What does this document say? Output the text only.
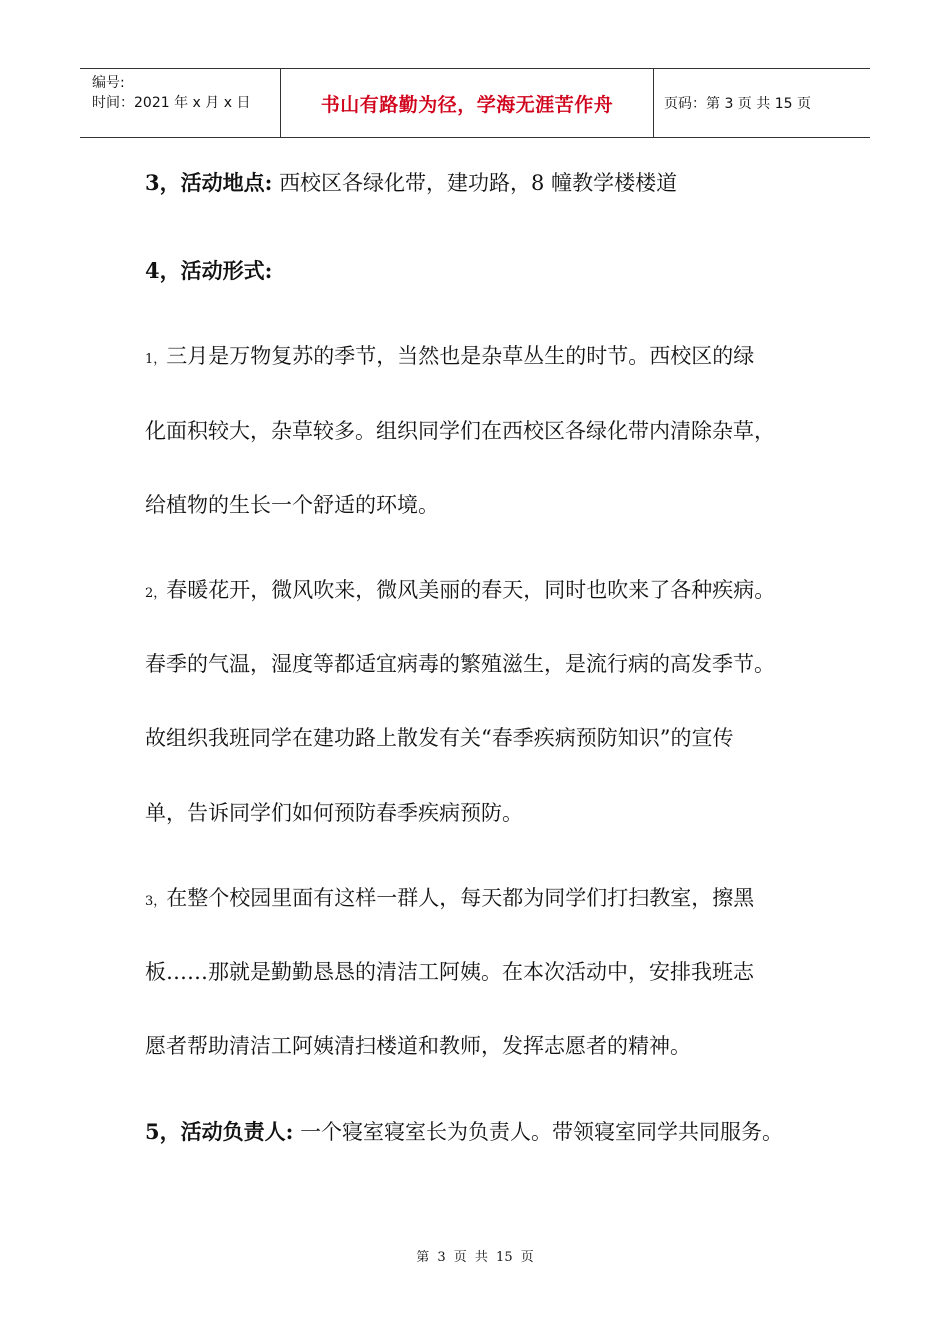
编号:
时间：2021 年 x 月 x 日	书山有路勤为径，学海无涯苦作舟	页码：第 3 页 共 15 页
3，活动地点: 西校区各绿化带，建功路，8 幢教学楼楼道
4，活动形式:
1，三月是万物复苏的季节，当然也是杂草丛生的时节。西校区的绿
化面积较大，杂草较多。组织同学们在西校区各绿化带内清除杂草，
给植物的生长一个舒适的环境。
2，春暖花开，微风吹来，微风美丽的春天，同时也吹来了各种疾病。
春季的气温，湿度等都适宜病毒的繁殖滋生，是流行病的高发季节。
故组织我班同学在建功路上散发有关“春季疾病预防知识”的宣传
单，告诉同学们如何预防春季疾病预防。
3，在整个校园里面有这样一群人，每天都为同学们打扫教室，擦黑
板……那就是勤勤恳恳的清洁工阿姨。在本次活动中，安排我班志
愿者帮助清洁工阿姨清扫楼道和教师，发挥志愿者的精神。
5，活动负责人: 一个寝室寝室长为负责人。带领寝室同学共同服务。
第 3 页 共 15 页
